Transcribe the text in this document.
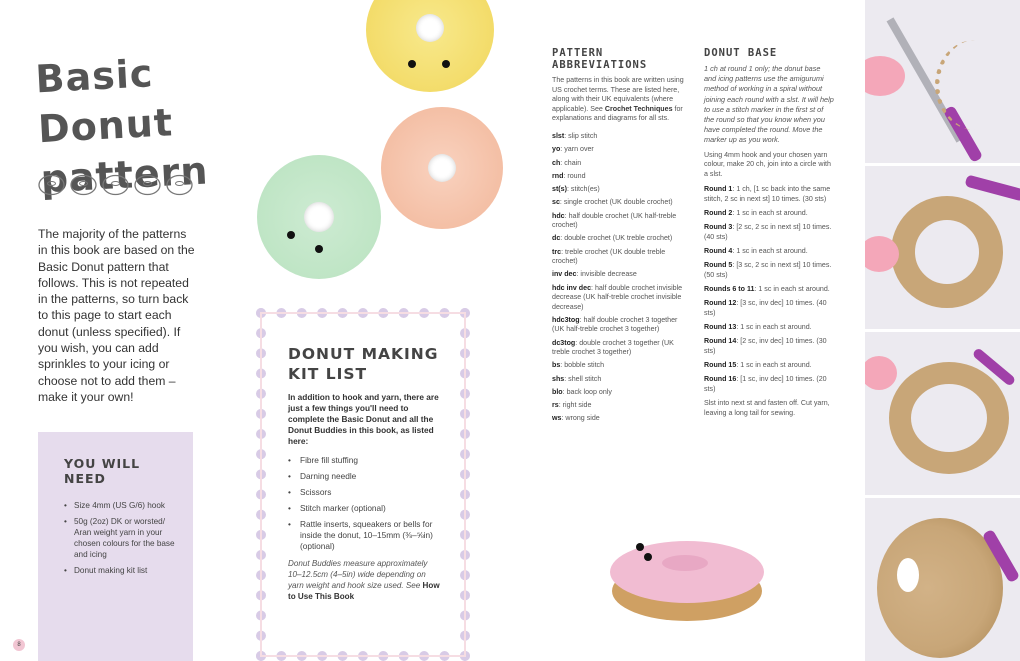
Basic Donut pattern

The majority of the patterns in this book are based on the Basic Donut pattern that follows. This is not repeated in the patterns, so turn back to this page to start each donut (unless specified). If you wish, you can add sprinkles to your icing or choose not to add them – make it your own!

YOU WILL NEED
• Size 4mm (US G/6) hook
• 50g (2oz) DK or worsted/ Aran weight yarn in your chosen colours for the base and icing
• Donut making kit list
8
DONUT MAKING KIT LIST

In addition to hook and yarn, there are just a few things you'll need to complete the Basic Donut and all the Donut Buddies in this book, as listed here:

• Fibre fill stuffing
• Darning needle
• Scissors
• Stitch marker (optional)
• Rattle inserts, squeakers or bells for inside the donut, 10–15mm (⅜–⅝in) (optional)

Donut Buddies measure approximately 10–12.5cm (4–5in) wide depending on yarn weight and hook size used. See How to Use This Book

PATTERN ABBREVIATIONS

The patterns in this book are written using US crochet terms. These are listed here, along with their UK equivalents (where applicable). See Crochet Techniques for explanations and diagrams for all sts.

slst: slip stitch
yo: yarn over
ch: chain
rnd: round
st(s): stitch(es)
sc: single crochet (UK double crochet)
hdc: half double crochet (UK half-treble crochet)
dc: double crochet (UK treble crochet)
trc: treble crochet (UK double treble crochet)
inv dec: invisible decrease
hdc inv dec: half double crochet invisible decrease (UK half-treble crochet invisible decrease)
hdc3tog: half double crochet 3 together (UK half-treble crochet 3 together)
dc3tog: double crochet 3 together (UK treble crochet 3 together)
bs: bobble stitch
shs: shell stitch
blo: back loop only
rs: right side
ws: wrong side
DONUT BASE

1 ch at round 1 only; the donut base and icing patterns use the amigurumi method of working in a spiral without joining each round with a slst. It will help to use a stitch marker in the first st of the round so that you know when you have completed the round. Move the marker up as you work.

Using 4mm hook and your chosen yarn colour, make 20 ch, join into a circle with a slst.

Round 1: 1 ch, [1 sc back into the same stitch, 2 sc in next st] 10 times. (30 sts)
Round 2: 1 sc in each st around.
Round 3: [2 sc, 2 sc in next st] 10 times. (40 sts)
Round 4: 1 sc in each st around.
Round 5: [3 sc, 2 sc in next st] 10 times. (50 sts)
Rounds 6 to 11: 1 sc in each st around.
Round 12: [3 sc, inv dec] 10 times. (40 sts)
Round 13: 1 sc in each st around.
Round 14: [2 sc, inv dec] 10 times. (30 sts)
Round 15: 1 sc in each st around.
Round 16: [1 sc, inv dec] 10 times. (20 sts)

Slst into next st and fasten off. Cut yarn, leaving a long tail for sewing.
